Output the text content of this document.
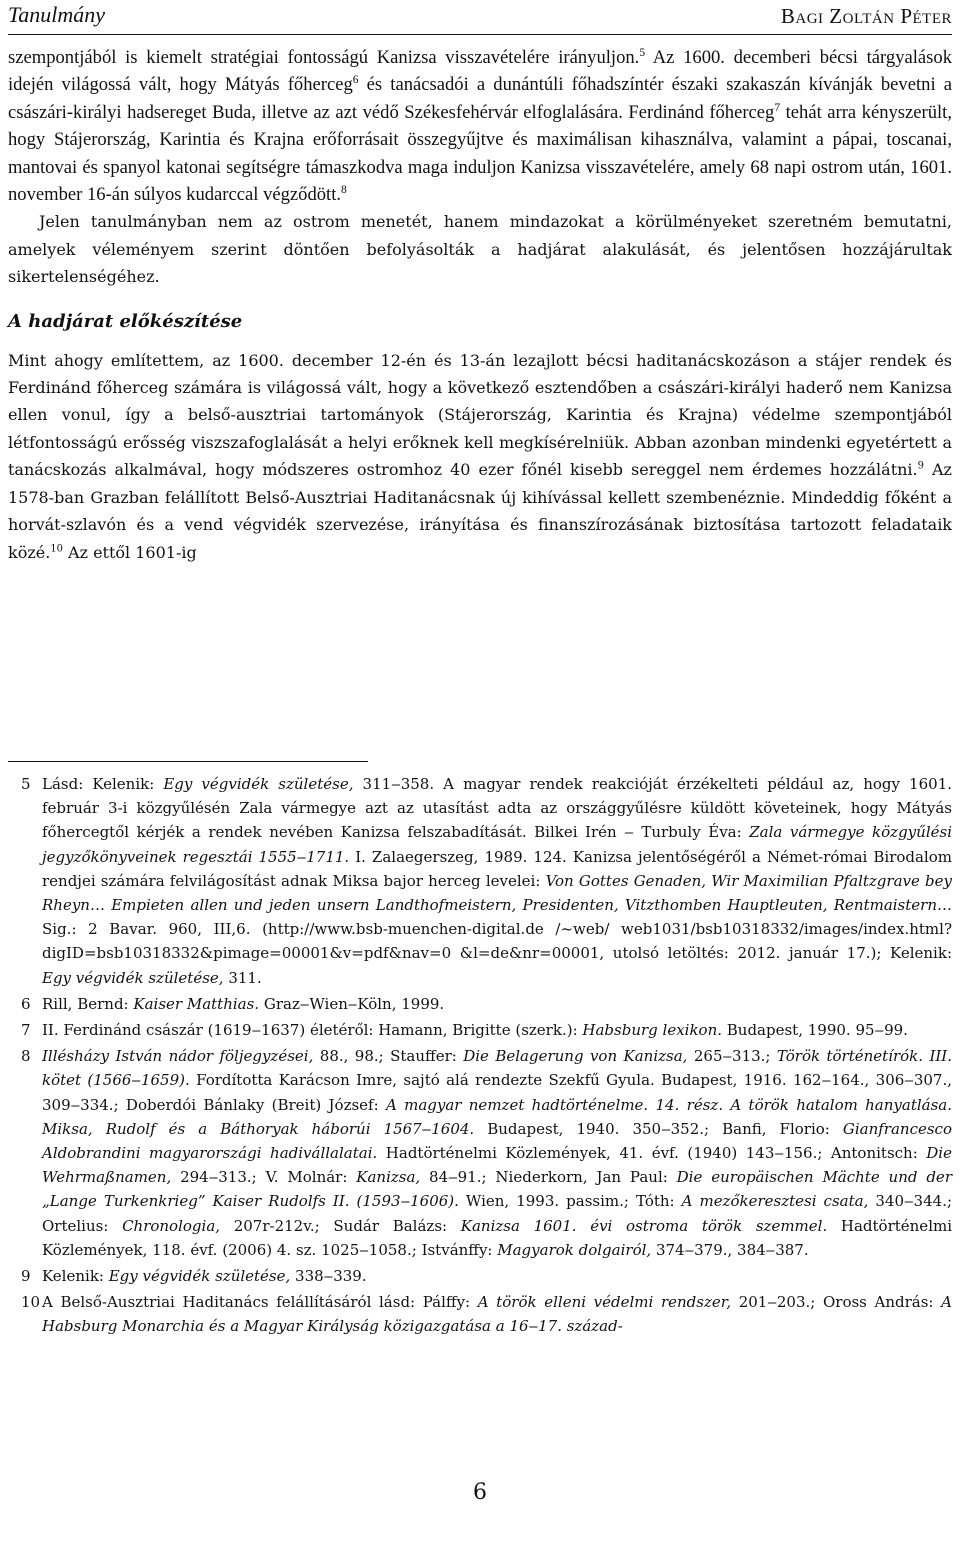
Tanulmány	Bagi Zoltán Péter

szempontjából is kiemelt stratégiai fontosságú Kanizsa visszavételére irányuljon.$^5$ Az 1600. decemberi bécsi tárgyalások idején világossá vált, hogy Mátyás főherceg$^6$ és tanácsadói a dunántúli főhadszíntér északi szakaszán kívánják bevetni a császári-királyi hadsereget Buda, illetve az azt védő Székesfehérvár elfoglalására. Ferdinánd főherceg$^7$ tehát arra kényszerült, hogy Stájerország, Karintia és Krajna erőforrásait összegyűjtve és maximálisan kihasználva, valamint a pápai, toscanai, mantovai és spanyol katonai segítségre támaszkodva maga induljon Kanizsa visszavételére, amely 68 napi ostrom után, 1601. november 16-án súlyos kudarccal végződött.$^8$

Jelen tanulmányban nem az ostrom menetét, hanem mindazokat a körülményeket szeretném bemutatni, amelyek véleményem szerint döntően befolyásolták a hadjárat alakulását, és jelentősen hozzájárultak sikertelenségéhez.

A hadjárat előkészítése

Mint ahogy említettem, az 1600. december 12-én és 13-án lezajlott bécsi haditanácskozáson a stájer rendek és Ferdinánd főherceg számára is világossá vált, hogy a következő esztendőben a császári-királyi haderő nem Kanizsa ellen vonul, így a belső-ausztriai tartományok (Stájerország, Karintia és Krajna) védelme szempontjából létfontosságú erősség viszszafoglalását a helyi erőknek kell megkísérelniük. Abban azonban mindenki egyetértett a tanácskozás alkalmával, hogy módszeres ostromhoz 40 ezer főnél kisebb sereggel nem érdemes hozzálátni.$^9$ Az 1578-ban Grazban felállított Belső-Ausztriai Haditanácsnak új kihívással kellett szembenéznie. Mindeddig főként a horvát-szlavón és a vend végvidék szervezése, irányítása és finanszírozásának biztosítása tartozott feladataik közé.$^{10}$ Az ettől 1601-ig

5 Lásd: Kelenik: Egy végvidék születése, 311‒358. A magyar rendek reakcióját érzékelteti például az, hogy 1601. február 3-i közgyűlésén Zala vármegye azt az utasítást adta az országgyűlésre küldött követeinek, hogy Mátyás főhercegtől kérjék a rendek nevében Kanizsa felszabadítását. Bilkei Irén ‒ Turbuly Éva: Zala vármegye közgyűlési jegyzőkönyveinek regesztái 1555‒1711. I. Zalaegerszeg, 1989. 124. Kanizsa jelentőségéről a Német-római Birodalom rendjei számára felvilágosítást adnak Miksa bajor herceg levelei: Von Gottes Genaden, Wir Maximilian Pfaltzgrave bey Rheyn… Empieten allen und jeden unsern Landthofmeistern, Presidenten, Vitzthomben Hauptleuten, Rentmaistern… Sig.: 2 Bavar. 960, III,6. (http://www.bsb-muenchen-digital.de /~web/ web1031/bsb10318332/images/index.html?digID=bsb10318332&pimage=00001&v=pdf&nav=0 &l=de&nr=00001, utolsó letöltés: 2012. január 17.); Kelenik: Egy végvidék születése, 311.
6 Rill, Bernd: Kaiser Matthias. Graz‒Wien‒Köln, 1999.
7 II. Ferdinánd császár (1619‒1637) életéről: Hamann, Brigitte (szerk.): Habsburg lexikon. Budapest, 1990. 95‒99.
8 Illésházy István nádor följegyzései, 88., 98.; Stauffer: Die Belagerung von Kanizsa, 265‒313.; Török történetírók. III. kötet (1566‒1659). Fordította Karácson Imre, sajtó alá rendezte Szekfű Gyula. Budapest, 1916. 162‒164., 306‒307., 309‒334.; Doberdói Bánlaky (Breit) József: A magyar nemzet hadtörténelme. 14. rész. A török hatalom hanyatlása. Miksa, Rudolf és a Báthoryak háborúi 1567‒1604. Budapest, 1940. 350‒352.; Banfi, Florio: Gianfrancesco Aldobrandini magyarországi hadivállalatai. Hadtörténelmi Közlemények, 41. évf. (1940) 143‒156.; Antonitsch: Die Wehrmaßnamen, 294‒313.; V. Molnár: Kanizsa, 84‒91.; Niederkorn, Jan Paul: Die europäischen Mächte und der „Lange Turkenkrieg” Kaiser Rudolfs II. (1593‒1606). Wien, 1993. passim.; Tóth: A mezőkeresztesi csata, 340‒344.; Ortelius: Chronologia, 207r-212v.; Sudár Balázs: Kanizsa 1601. évi ostroma török szemmel. Hadtörténelmi Közlemények, 118. évf. (2006) 4. sz. 1025‒1058.; Istvánffy: Magyarok dolgairól, 374‒379., 384‒387.
9 Kelenik: Egy végvidék születése, 338‒339.
10 A Belső-Ausztriai Haditanács felállításáról lásd: Pálffy: A török elleni védelmi rendszer, 201‒203.; Oross András: A Habsburg Monarchia és a Magyar Királyság közigazgatása a 16‒17. század-
6
